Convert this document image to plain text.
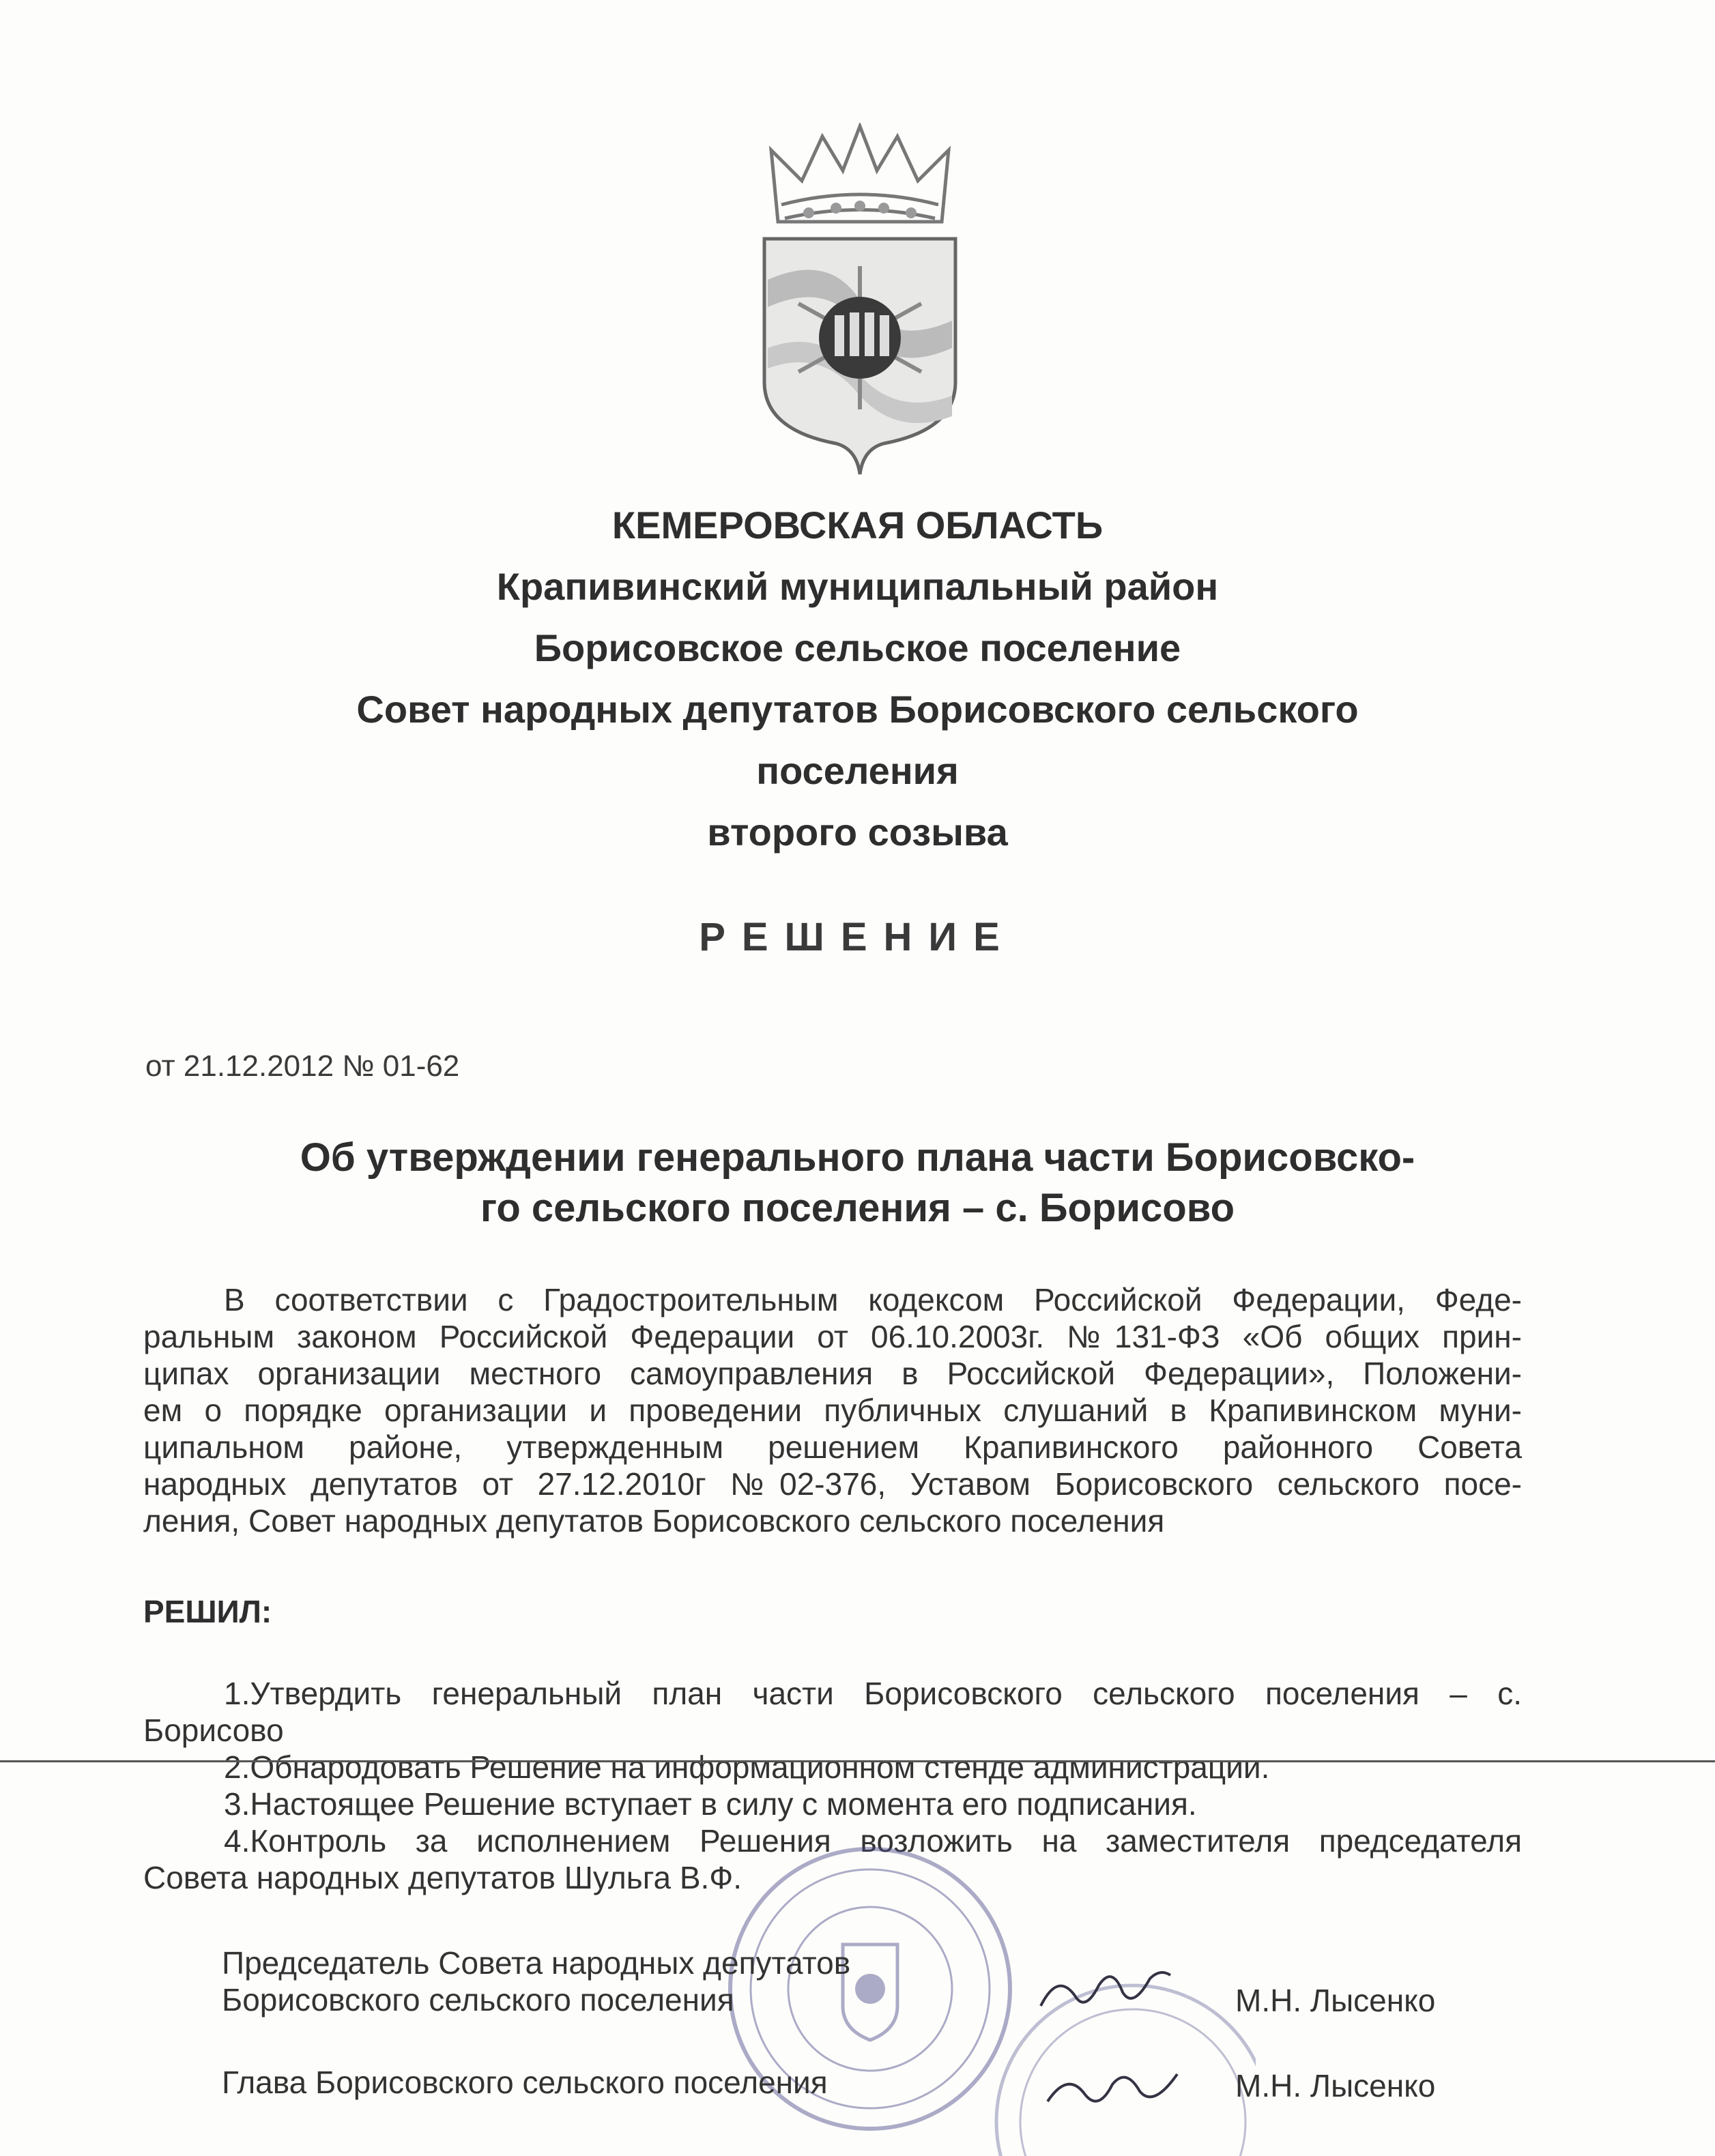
КЕМЕРОВСКАЯ ОБЛАСТЬ
Крапивинский муниципальный район
Борисовское сельское поселение
Совет народных депутатов Борисовского сельского
поселения
второго созыва
РЕШЕНИЕ
от 21.12.2012 № 01-62
Об утверждении генерального плана части Борисовско-
го сельского поселения – с. Борисово
В соответствии с Градостроительным кодексом Российской Федерации, Феде-
ральным законом Российской Федерации от 06.10.2003г. №131-ФЗ «Об общих прин-
ципах организации местного самоуправления в Российской Федерации», Положени-
ем о порядке организации и проведении публичных слушаний в Крапивинском муни-
ципальном районе, утвержденным решением Крапивинского районного Совета
народных депутатов от 27.12.2010г №02-376, Уставом Борисовского сельского посе-
ления, Совет народных депутатов Борисовского сельского поселения
РЕШИЛ:
1.Утвердить генеральный план части Борисовского сельского поселения – с.
Борисово
2.Обнародовать Решение на информационном стенде администрации.
3.Настоящее Решение вступает в силу с момента его подписания.
4.Контроль за исполнением Решения возложить на заместителя председателя
Совета народных депутатов Шульга В.Ф.
Председатель Совета народных депутатов
Борисовского сельского поселения	М.Н. Лысенко
Глава Борисовского сельского поселения	М.Н. Лысенко
